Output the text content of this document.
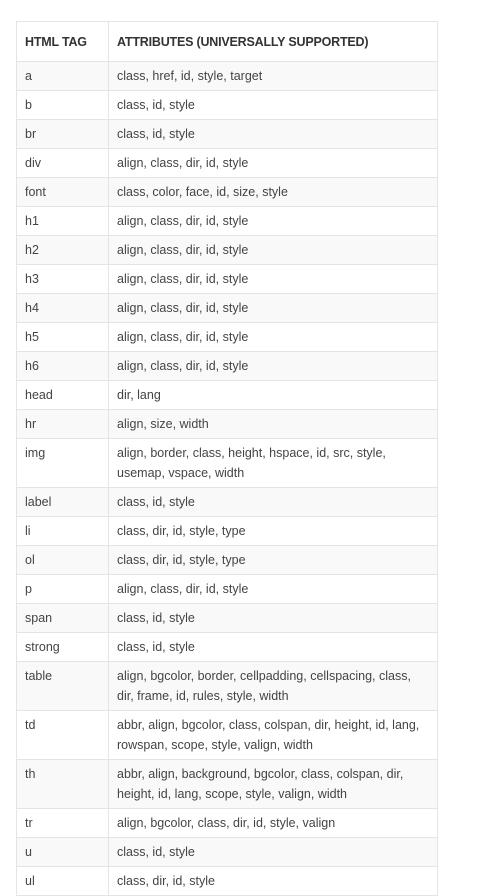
HTML TAG	ATTRIBUTES (UNIVERSALLY SUPPORTED)
a	class, href, id, style, target
b	class, id, style
br	class, id, style
div	align, class, dir, id, style
font	class, color, face, id, size, style
h1	align, class, dir, id, style
h2	align, class, dir, id, style
h3	align, class, dir, id, style
h4	align, class, dir, id, style
h5	align, class, dir, id, style
h6	align, class, dir, id, style
head	dir, lang
hr	align, size, width
img	align, border, class, height, hspace, id, src, style, usemap, vspace, width
label	class, id, style
li	class, dir, id, style, type
ol	class, dir, id, style, type
p	align, class, dir, id, style
span	class, id, style
strong	class, id, style
table	align, bgcolor, border, cellpadding, cellspacing, class, dir, frame, id, rules, style, width
td	abbr, align, bgcolor, class, colspan, dir, height, id, lang, rowspan, scope, style, valign, width
th	abbr, align, background, bgcolor, class, colspan, dir, height, id, lang, scope, style, valign, width
tr	align, bgcolor, class, dir, id, style, valign
u	class, id, style
ul	class, dir, id, style
